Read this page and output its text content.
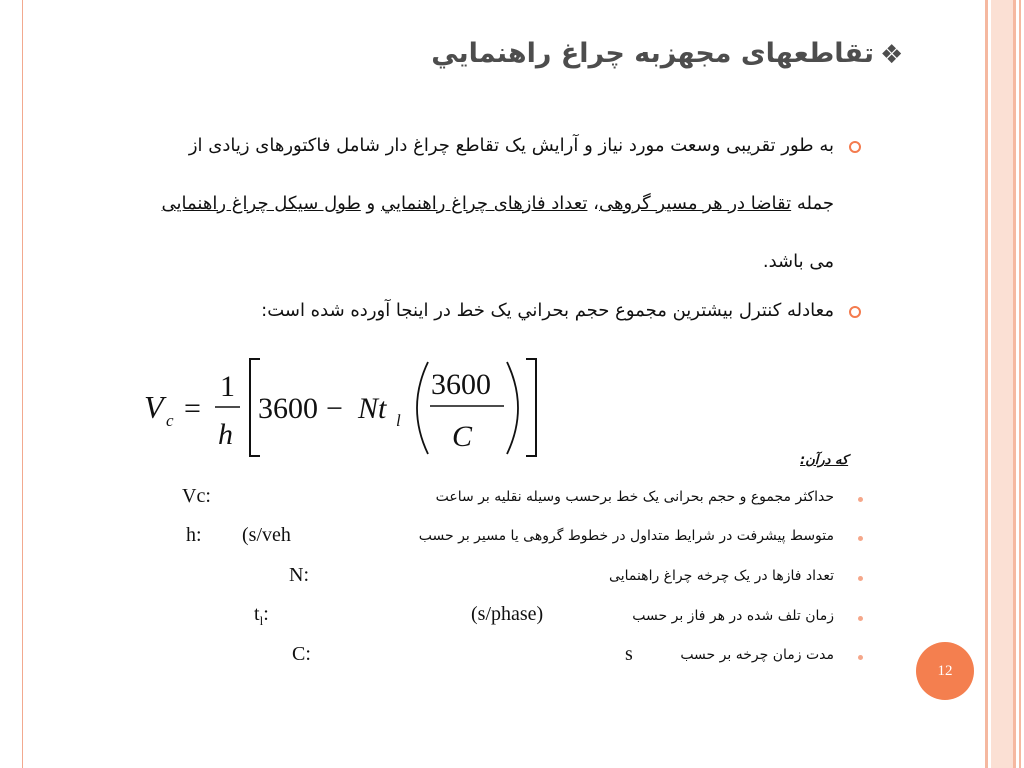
تقاطعهای مجهزبه چراغ راهنمايي ❖
به طور تقریبی وسعت مورد نیاز و آرایش یک تقاطع چراغ دار شامل فاکتورهای زیادی از
جمله تقاضا در هر مسیر گروهی، تعداد فازهای چراغ راهنمايي و طول سیکل چراغ راهنمایی
می باشد.
معادله کنترل بیشترین مجموع حجم بحراني یک خط در اینجا آورده شده است:
V c =
1
h
3600 − Nt l
3600
C
که درآن:
حداکثر مجموع و حجم بحرانی یک خط برحسب وسیله نقلیه بر ساعت
Vc:
متوسط پیشرفت در شرایط متداول در خطوط گروهی یا مسیر بر حسب
(s/veh
h:
تعداد فازها در یک چرخه چراغ راهنمایی
N:
زمان تلف شده در هر فاز بر حسب
(s/phase)
$t_l$:
مدت زمان چرخه بر حسب
s
C:
12
